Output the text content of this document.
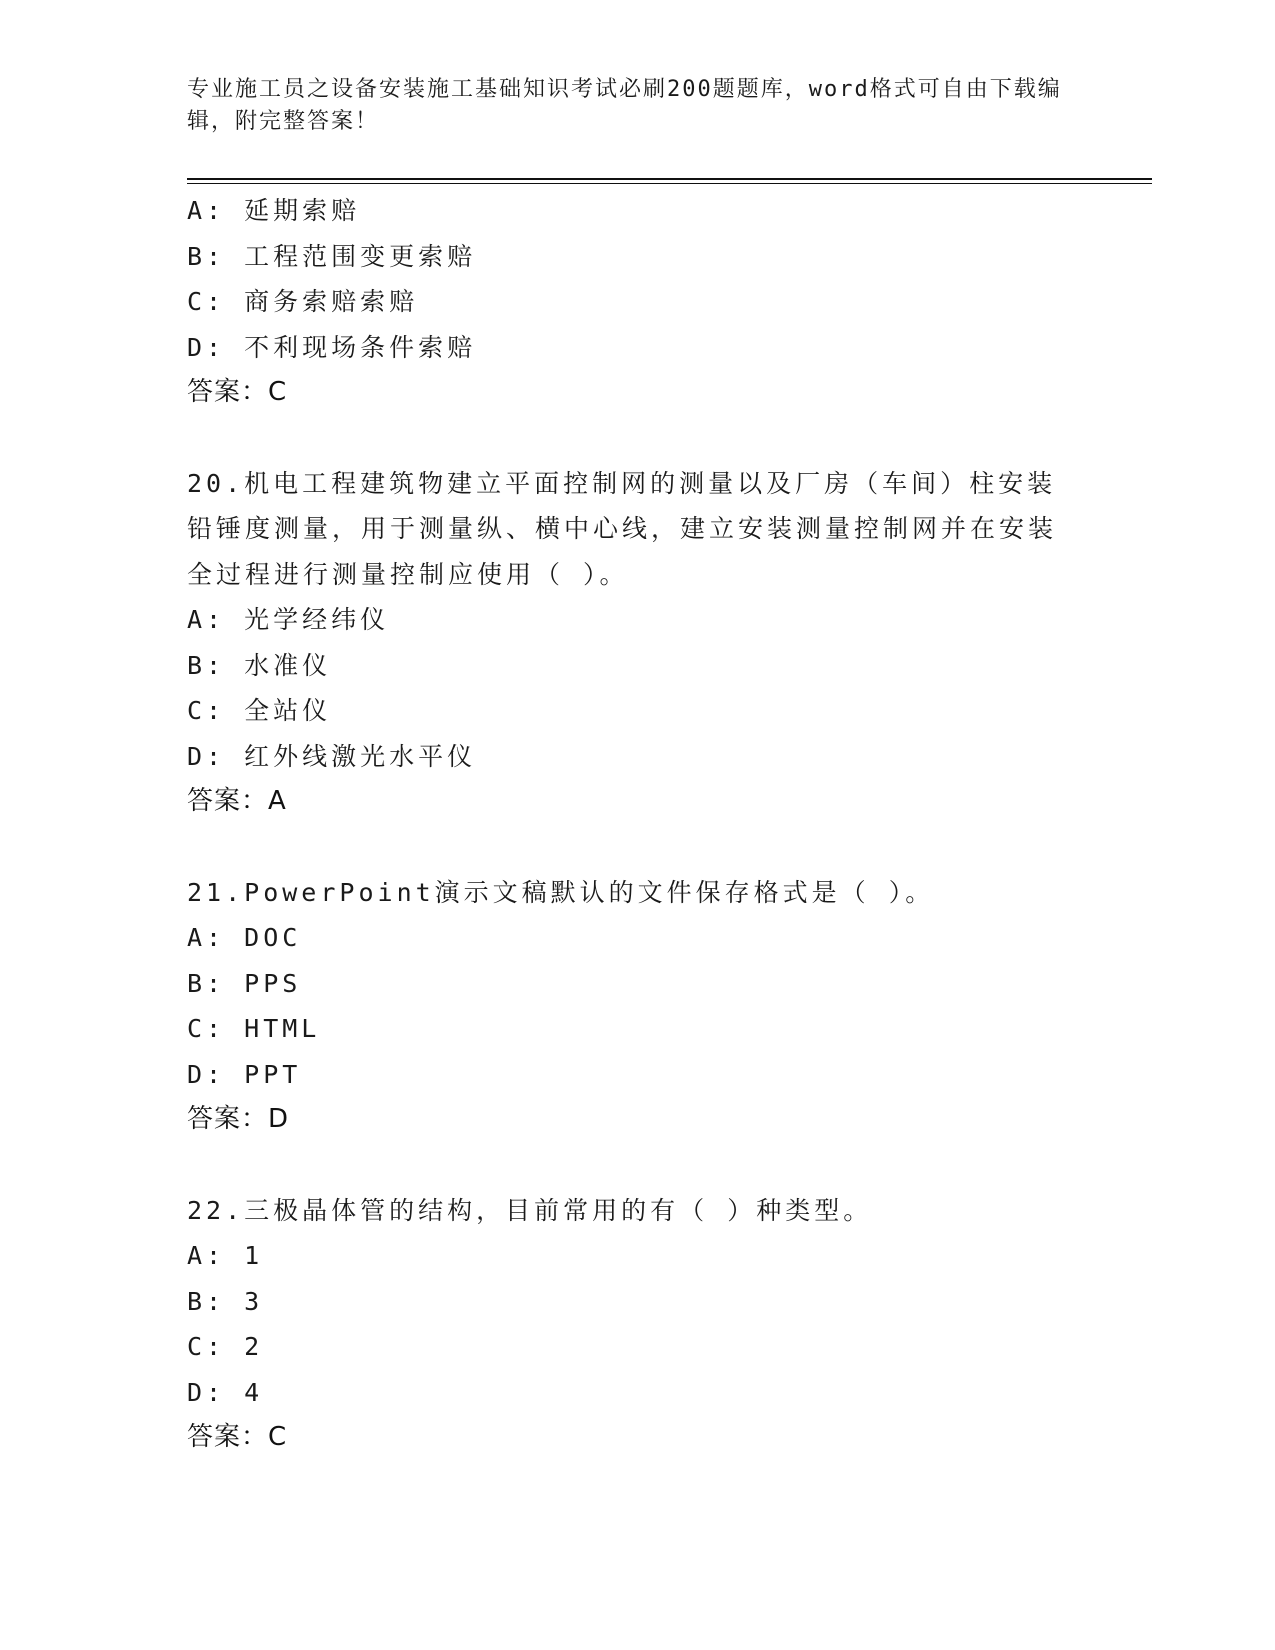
专业施工员之设备安装施工基础知识考试必刷200题题库，word格式可自由下载编辑，附完整答案！
A: 延期索赔
B: 工程范围变更索赔
C: 商务索赔索赔
D: 不利现场条件索赔
答案：C
20.机电工程建筑物建立平面控制网的测量以及厂房（车间）柱安装铅锤度测量，用于测量纵、横中心线，建立安装测量控制网并在安装全过程进行测量控制应使用（ ）。
A: 光学经纬仪
B: 水准仪
C: 全站仪
D: 红外线激光水平仪
答案：A
21.PowerPoint演示文稿默认的文件保存格式是（ ）。
A: DOC
B: PPS
C: HTML
D: PPT
答案：D
22.三极晶体管的结构，目前常用的有（ ）种类型。
A: 1
B: 3
C: 2
D: 4
答案：C
